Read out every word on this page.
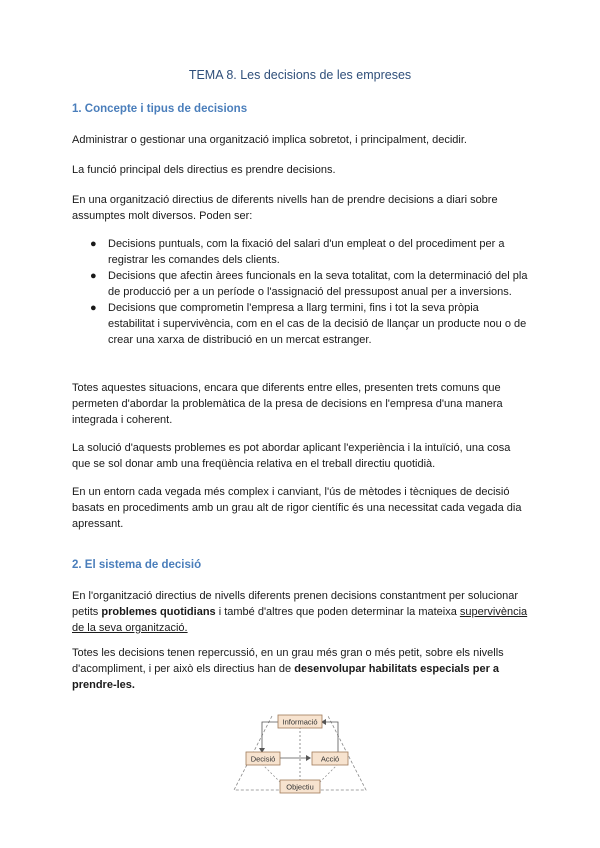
TEMA 8. Les decisions de les empreses
1. Concepte i tipus de decisions

Administrar o gestionar una organització implica sobretot, i principalment, decidir.

La funció principal dels directius es prendre decisions.

En una organització directius de diferents nivells han de prendre decisions a diari sobre assumptes molt diversos. Poden ser:

● Decisions puntuals, com la fixació del salari d'un empleat o del procediment per a registrar les comandes dels clients.
● Decisions que afectin àrees funcionals en la seva totalitat, com la determinació del pla de producció per a un període o l'assignació del pressupost anual per a inversions.
● Decisions que comprometin l'empresa a llarg termini, fins i tot la seva pròpia estabilitat i supervivència, com en el cas de la decisió de llançar un producte nou o de crear una xarxa de distribució en un mercat estranger.

Totes aquestes situacions, encara que diferents entre elles, presenten trets comuns que permeten d'abordar la problemàtica de la presa de decisions en l'empresa d'una manera integrada i coherent.

La solució d'aquests problemes es pot abordar aplicant l'experiència i la intuïció, una cosa que se sol donar amb una freqüència relativa en el treball directiu quotidià.

En un entorn cada vegada més complex i canviant, l'ús de mètodes i tècniques de decisió basats en procediments amb un grau alt de rigor científic és una necessitat cada vegada dia apressant.

2. El sistema de decisió

En l'organització directius de nivells diferents prenen decisions constantment per solucionar petits problemes quotidians i també d'altres que poden determinar la mateixa supervivència de la seva organització.

Totes les decisions tenen repercussió, en un grau més gran o més petit, sobre els nivells d'acompliment, i per això els directius han de desenvolupar habilitats especials per a prendre-les.

Informació
Decisió	Acció
Objectiu
